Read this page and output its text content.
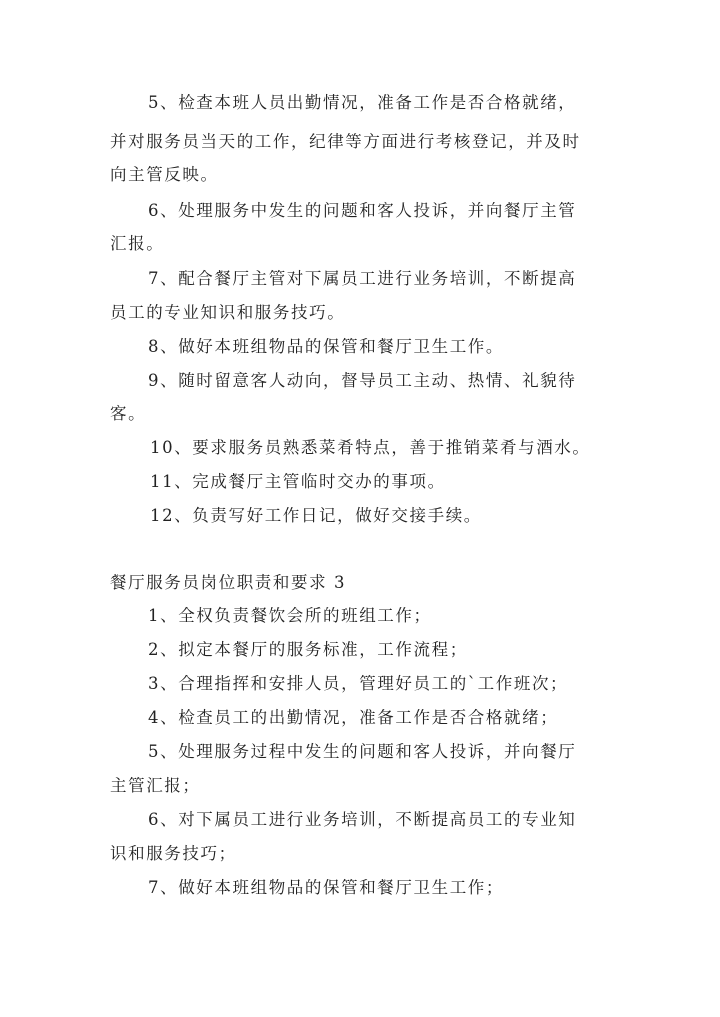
5、检查本班人员出勤情况，准备工作是否合格就绪，
并对服务员当天的工作，纪律等方面进行考核登记，并及时
向主管反映。
6、处理服务中发生的问题和客人投诉，并向餐厅主管
汇报。
7、配合餐厅主管对下属员工进行业务培训，不断提高
员工的专业知识和服务技巧。
8、做好本班组物品的保管和餐厅卫生工作。
9、随时留意客人动向，督导员工主动、热情、礼貌待
客。
10、要求服务员熟悉菜肴特点，善于推销菜肴与酒水。
11、完成餐厅主管临时交办的事项。
12、负责写好工作日记，做好交接手续。
餐厅服务员岗位职责和要求 3
1、全权负责餐饮会所的班组工作；
2、拟定本餐厅的服务标准，工作流程；
3、合理指挥和安排人员，管理好员工的`工作班次；
4、检查员工的出勤情况，准备工作是否合格就绪；
5、处理服务过程中发生的问题和客人投诉，并向餐厅
主管汇报；
6、对下属员工进行业务培训，不断提高员工的专业知
识和服务技巧；
7、做好本班组物品的保管和餐厅卫生工作；
